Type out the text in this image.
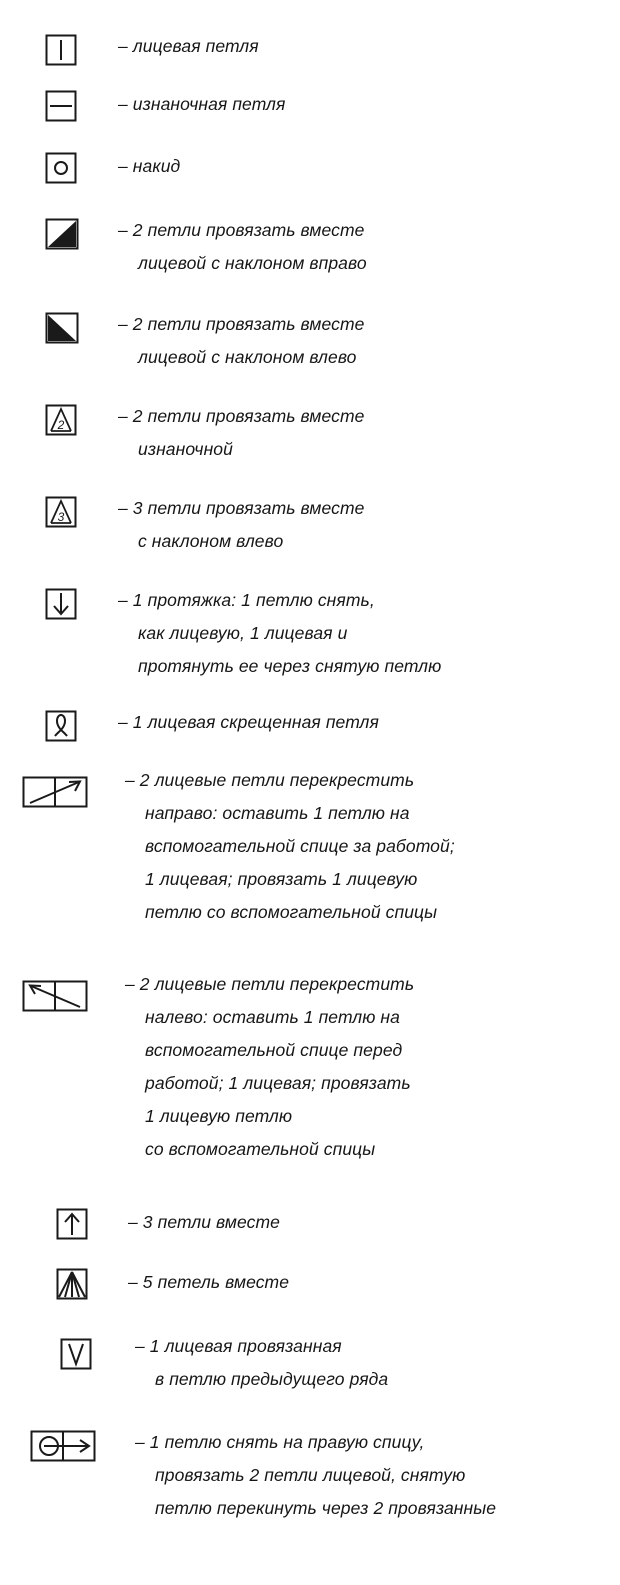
– лицевая петля
– изнаночная петля
– накид
– 2 петли провязать вместе
лицевой с наклоном вправо
– 2 петли провязать вместе
лицевой с наклоном влево
2	– 2 петли провязать вместе
изнаночной
3	– 3 петли провязать вместе
с наклоном влево
– 1 протяжка: 1 петлю снять,
как лицевую, 1 лицевая и
протянуть ее через снятую петлю
– 1 лицевая скрещенная петля
– 2 лицевые петли перекрестить
направо: оставить 1 петлю на
вспомогательной спице за работой;
1 лицевая; провязать 1 лицевую
петлю со вспомогательной спицы
– 2 лицевые петли перекрестить
налево: оставить 1 петлю на
вспомогательной спице перед
работой; 1 лицевая; провязать
1 лицевую петлю
со вспомогательной спицы
– 3 петли вместе
– 5 петель вместе
– 1 лицевая провязанная
в петлю предыдущего ряда
– 1 петлю снять на правую спицу,
провязать 2 петли лицевой, снятую
петлю перекинуть через 2 провязанные
